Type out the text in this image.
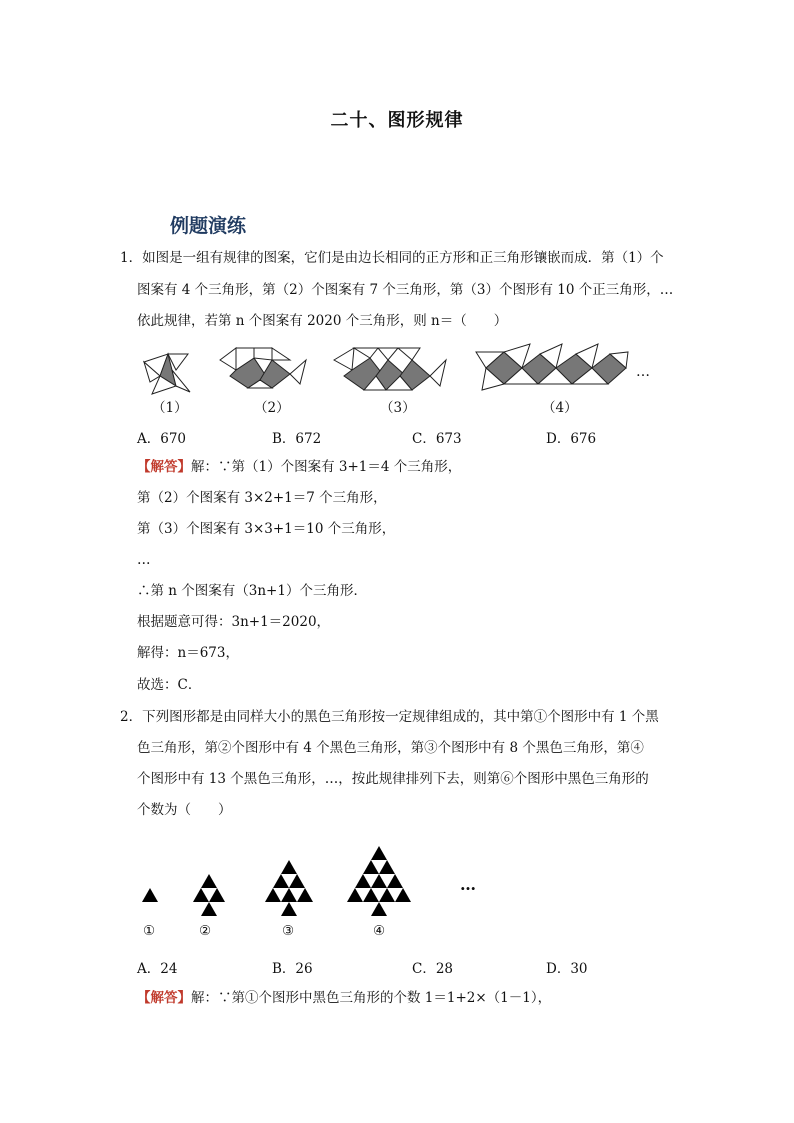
二十、图形规律
例题演练
1．如图是一组有规律的图案，它们是由边长相同的正方形和正三角形镶嵌而成．第（1）个
图案有 4 个三角形，第（2）个图案有 7 个三角形，第（3）个图形有 10 个正三角形，…
依此规律，若第 n 个图案有 2020 个三角形，则 n＝（　　）
…
（1）	（2）	（3）	（4）
A．670	B．672	C．673	D．676
【解答】解：∵第（1）个图案有 3+1＝4 个三角形，
第（2）个图案有 3×2+1＝7 个三角形，
第（3）个图案有 3×3+1＝10 个三角形，
…
∴第 n 个图案有（3n+1）个三角形．
根据题意可得：3n+1＝2020，
解得：n＝673，
故选：C．
2．下列图形都是由同样大小的黑色三角形按一定规律组成的，其中第①个图形中有 1 个黑
色三角形，第②个图形中有 4 个黑色三角形，第③个图形中有 8 个黑色三角形，第④
个图形中有 13 个黑色三角形，…，按此规律排列下去，则第⑥个图形中黑色三角形的
个数为（　　）
…
①	②	③	④
A．24	B．26	C．28	D．30
【解答】解：∵第①个图形中黑色三角形的个数 1＝1+2×（1－1），
